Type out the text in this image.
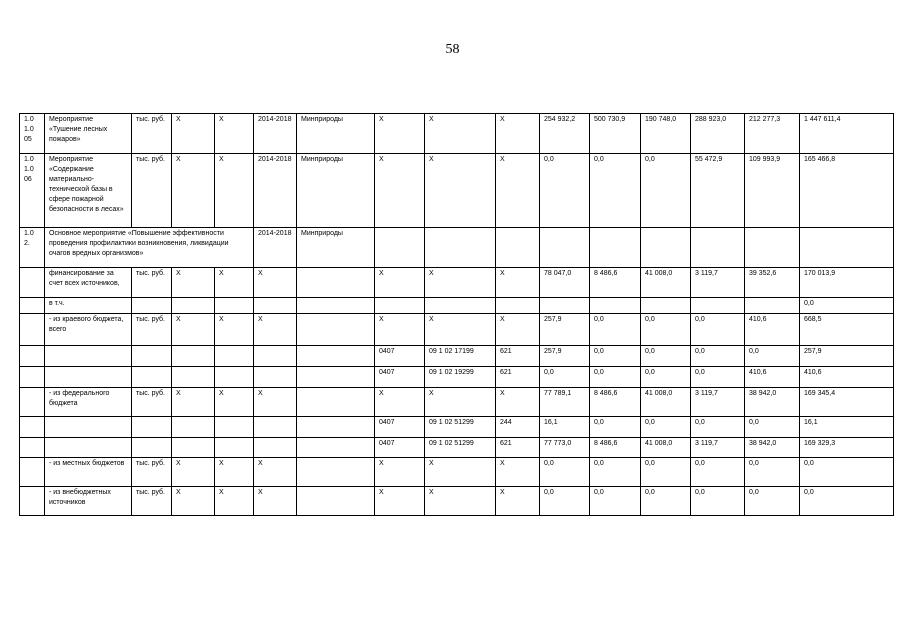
58
1.0 1.0 05	Мероприятие «Тушение лесных пожаров»	тыс. руб.	Х	Х	2014-2018	Минприроды	Х	Х	Х	254 932,2	500 730,9	190 748,0	288 923,0	212 277,3	1 447 611,4
1.0 1.0 06	Мероприятие «Содержание материально-технической базы в сфере пожарной безопасности в лесах»	тыс. руб.	Х	Х	2014-2018	Минприроды	Х	Х	Х	0,0	0,0	0,0	55 472,9	109 993,9	165 466,8
1.0 2.	Основное мероприятие «Повышение эффективности проведения профилактики возникновения, ликвидации очагов вредных организмов»				2014-2018	Минприроды									
	финансирование за счет всех источников,	тыс. руб.	Х	Х	Х		Х	Х	Х	78 047,0	8 486,6	41 008,0	3 119,7	39 352,6	170 013,9
	в т.ч.														0,0
	- из краевого бюджета, всего	тыс. руб.	Х	Х	Х		Х	Х	Х	257,9	0,0	0,0	0,0	410,6	668,5
							0407	09 1 02 17199	621	257,9	0,0	0,0	0,0	0,0	257,9
							0407	09 1 02 19299	621	0,0	0,0	0,0	0,0	410,6	410,6
	- из федерального бюджета	тыс. руб.	Х	Х	Х		Х	Х	Х	77 789,1	8 486,6	41 008,0	3 119,7	38 942,0	169 345,4
							0407	09 1 02 51299	244	16,1	0,0	0,0	0,0	0,0	16,1
							0407	09 1 02 51299	621	77 773,0	8 486,6	41 008,0	3 119,7	38 942,0	169 329,3
	- из местных бюджетов	тыс. руб.	Х	Х	Х		Х	Х	Х	0,0	0,0	0,0	0,0	0,0	0,0
	- из внебюджетных источников	тыс. руб.	Х	Х	Х		Х	Х	Х	0,0	0,0	0,0	0,0	0,0	0,0
